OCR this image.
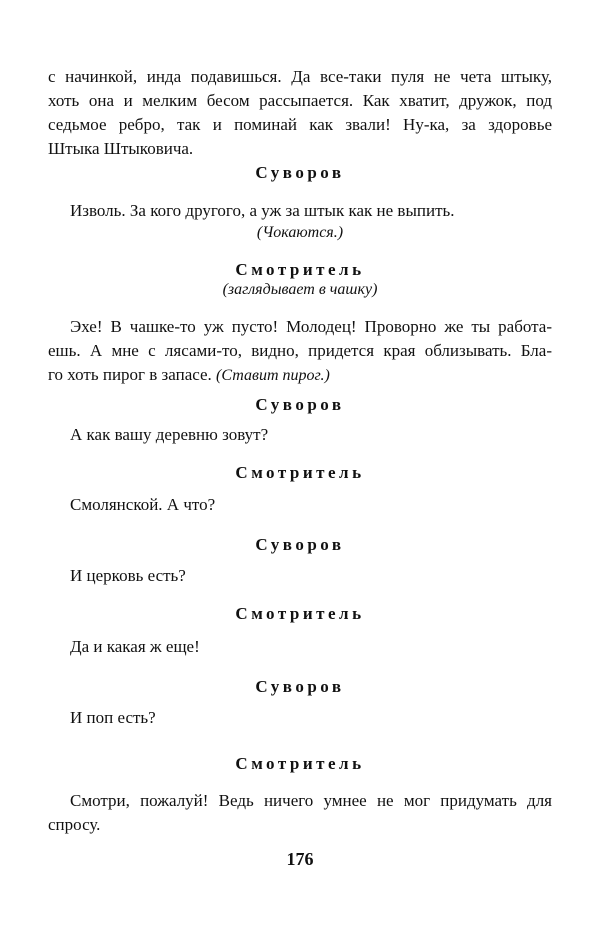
с начинкой, инда подавишься. Да все-таки пуля не чета штыку,
хоть она и мелким бесом рассыпается. Как хватит, дружок, под
седьмое ребро, так и поминай как звали! Ну-ка, за здоровье
Штыка Штыковича.
Суворов
Изволь. За кого другого, а уж за штык как не выпить.
(Чокаются.)
Смотритель
(заглядывает в чашку)
Эхе! В чашке-то уж пусто! Молодец! Проворно же ты работа-
ешь. А мне с лясами-то, видно, придется края облизывать. Бла-
го хоть пирог в запасе. (Ставит пирог.)
Суворов
А как вашу деревню зовут?
Смотритель
Смолянской. А что?
Суворов
И церковь есть?
Смотритель
Да и какая ж еще!
Суворов
И поп есть?
Смотритель
Смотри, пожалуй! Ведь ничего умнее не мог придумать для
спросу.
176
